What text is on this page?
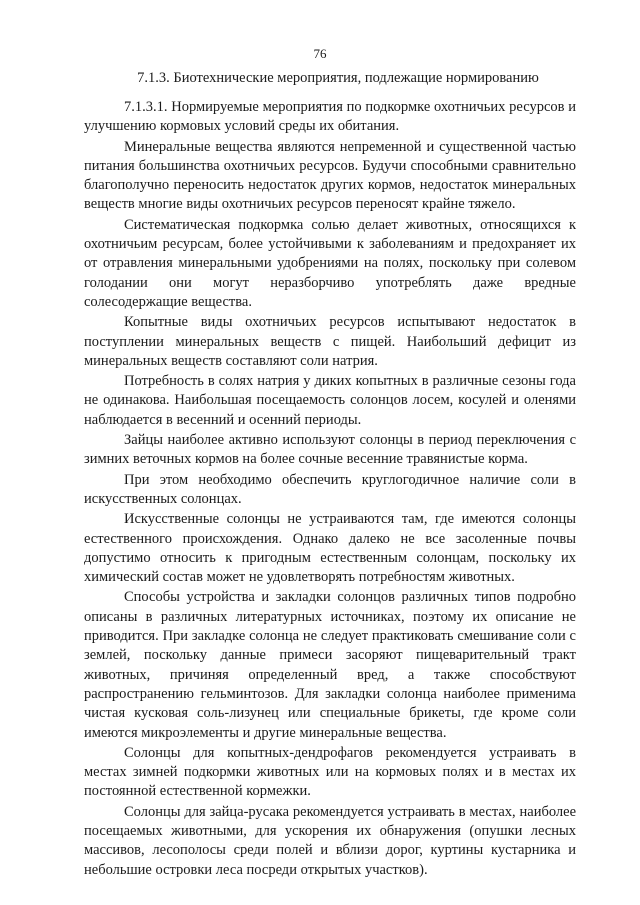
76
7.1.3. Биотехнические мероприятия, подлежащие нормированию

7.1.3.1. Нормируемые мероприятия по подкормке охотничьих ресурсов и улучшению кормовых условий среды их обитания.

Минеральные вещества являются непременной и существенной частью питания большинства охотничьих ресурсов. Будучи способными сравнительно благополучно переносить недостаток других кормов, недостаток минеральных веществ многие виды охотничьих ресурсов переносят крайне тяжело.

Систематическая подкормка солью делает животных, относящихся к охотничьим ресурсам, более устойчивыми к заболеваниям и предохраняет их от отравления минеральными удобрениями на полях, поскольку при солевом голодании они могут неразборчиво употреблять даже вредные солесодержащие вещества.

Копытные виды охотничьих ресурсов испытывают недостаток в поступлении минеральных веществ с пищей. Наибольший дефицит из минеральных веществ составляют соли натрия.

Потребность в солях натрия у диких копытных в различные сезоны года не одинакова. Наибольшая посещаемость солонцов лосем, косулей и оленями наблюдается в весенний и осенний периоды.

Зайцы наиболее активно используют солонцы в период переключения с зимних веточных кормов на более сочные весенние травянистые корма.

При этом необходимо обеспечить круглогодичное наличие соли в искусственных солонцах.

Искусственные солонцы не устраиваются там, где имеются солонцы естественного происхождения. Однако далеко не все засоленные почвы допустимо относить к пригодным естественным солонцам, поскольку их химический состав может не удовлетворять потребностям животных.

Способы устройства и закладки солонцов различных типов подробно описаны в различных литературных источниках, поэтому их описание не приводится. При закладке солонца не следует практиковать смешивание соли с землей, поскольку данные примеси засоряют пищеварительный тракт животных, причиняя определенный вред, а также способствуют распространению гельминтозов. Для закладки солонца наиболее применима чистая кусковая соль-лизунец или специальные брикеты, где кроме соли имеются микроэлементы и другие минеральные вещества.

Солонцы для копытных-дендрофагов рекомендуется устраивать в местах зимней подкормки животных или на кормовых полях и в местах их постоянной естественной кормежки.

Солонцы для зайца-русака рекомендуется устраивать в местах, наиболее посещаемых животными, для ускорения их обнаружения (опушки лесных массивов, лесополосы среди полей и вблизи дорог, куртины кустарника и небольшие островки леса посреди открытых участков).
